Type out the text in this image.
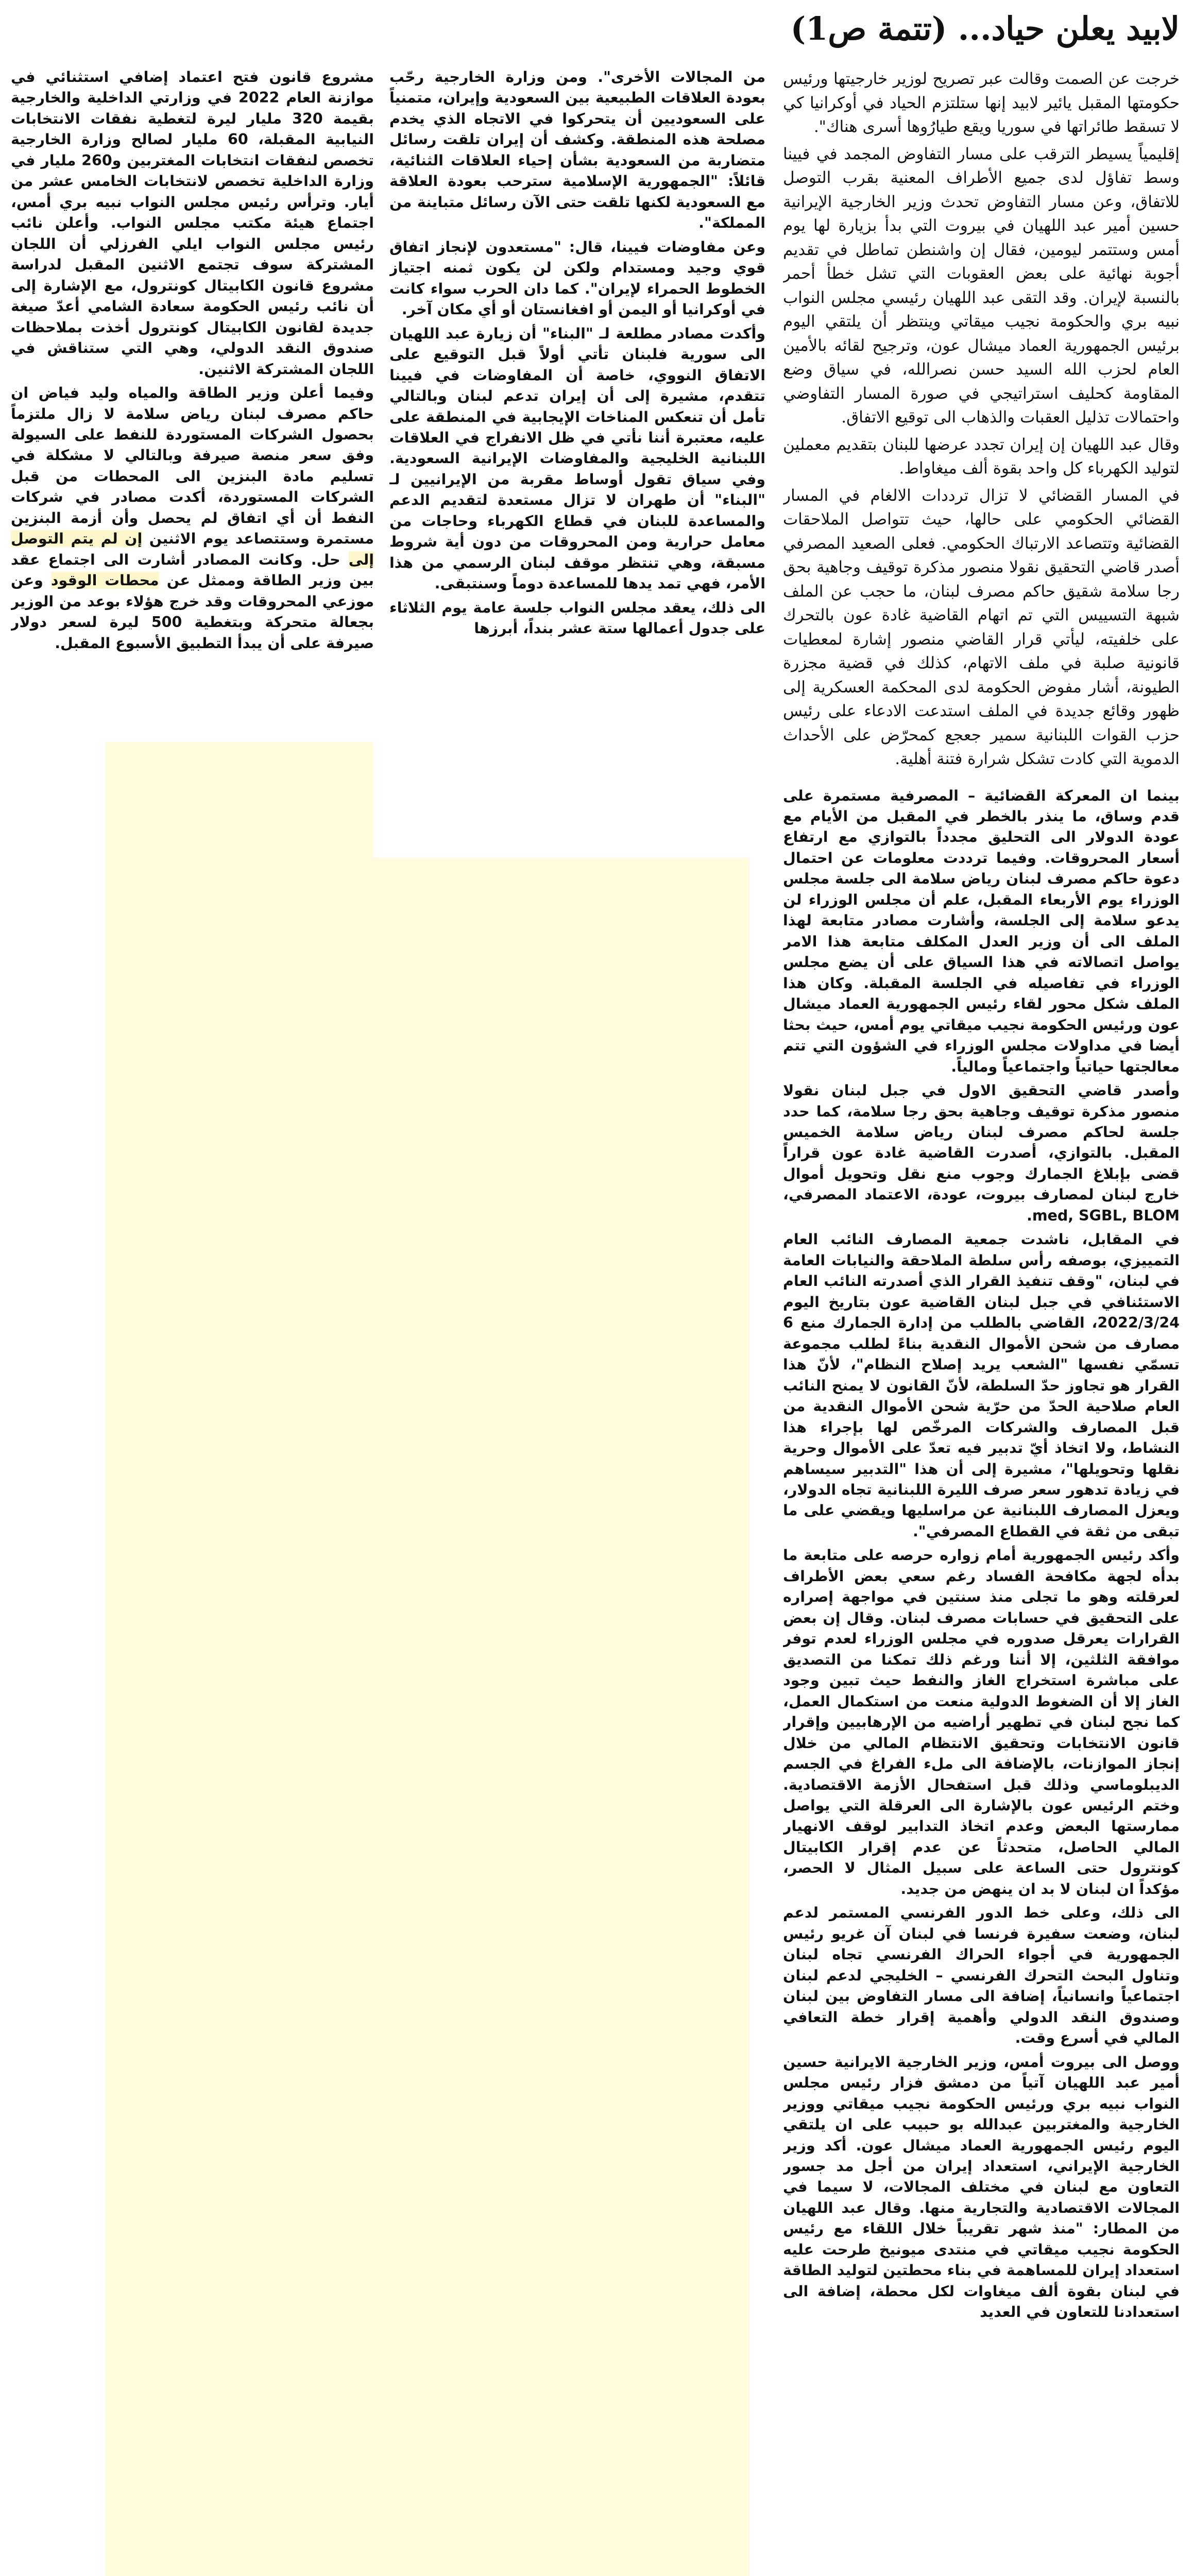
لابيد يعلن حياد... (تتمة ص1)

خرجت عن الصمت وقالت عبر تصريح لوزير خارجيتها ورئيس حكومتها المقبل يائير لابيد إنها ستلتزم الحياد في أوكرانيا كي لا تسقط طائراتها في سوريا ويقع طيارُوها أسرى هناك".

إقليمياً يسيطر الترقب على مسار التفاوض المجمد في فيينا وسط تفاؤل لدى جميع الأطراف المعنية بقرب التوصل للاتفاق، وعن مسار التفاوض تحدث وزير الخارجية الإيرانية حسين أمير عبد اللهيان في بيروت التي بدأ بزيارة لها يوم أمس وستتمر ليومين، فقال إن واشنطن تماطل في تقديم أجوبة نهائية على بعض العقوبات التي تشل خطأ أحمر بالنسبة لإيران. وقد التقى عبد اللهيان رئيسي مجلس النواب نبيه بري والحكومة نجيب ميقاتي وينتظر أن يلتقي اليوم برئيس الجمهورية العماد ميشال عون، وترجيح لقائه بالأمين العام لحزب الله السيد حسن نصرالله، في سياق وضع المقاومة كحليف استراتيجي في صورة المسار التفاوضي واحتمالات تذليل العقبات والذهاب الى توقيع الاتفاق.

وقال عبد اللهيان إن إيران تجدد عرضها للبنان بتقديم معملين لتوليد الكهرباء كل واحد بقوة ألف ميغاواط.

في المسار القضائي لا تزال ترددات الالغام في المسار القضائي الحكومي على حالها، حيث تتواصل الملاحقات القضائية وتتصاعد الارتباك الحكومي. فعلى الصعيد المصرفي أصدر قاضي التحقيق نقولا منصور مذكرة توقيف وجاهية بحق رجا سلامة شقيق حاكم مصرف لبنان، ما حجب عن الملف شبهة التسييس التي تم اتهام القاضية غادة عون بالتحرك على خلفيته، ليأتي قرار القاضي منصور إشارة لمعطيات قانونية صلبة في ملف الاتهام، كذلك في قضية مجزرة الطيونة، أشار مفوض الحكومة لدى المحكمة العسكرية إلى ظهور وقائع جديدة في الملف استدعت الادعاء على رئيس حزب القوات اللبنانية سمير جعجع كمحرّض على الأحداث الدموية التي كادت تشكل شرارة فتنة أهلية.

بينما ان المعركة القضائية – المصرفية مستمرة على قدم وساق، ما ينذر بالخطر في المقبل من الأيام مع عودة الدولار الى التحليق مجدداً بالتوازي مع ارتفاع أسعار المحروقات. وفيما ترددت معلومات عن احتمال دعوة حاكم مصرف لبنان رياض سلامة الى جلسة مجلس الوزراء يوم الأربعاء المقبل، علم أن مجلس الوزراء لن يدعو سلامة إلى الجلسة، وأشارت مصادر متابعة لهذا الملف الى أن وزير العدل المكلف متابعة هذا الامر يواصل اتصالاته في هذا السياق على أن يضع مجلس الوزراء في تفاصيله في الجلسة المقبلة. وكان هذا الملف شكل محور لقاء رئيس الجمهورية العماد ميشال عون ورئيس الحكومة نجيب ميقاتي يوم أمس، حيث بحثا أيضا في مداولات مجلس الوزراء في الشؤون التي تتم معالجتها حياتياً واجتماعياً ومالياً.

وأصدر قاضي التحقيق الاول في جبل لبنان نقولا منصور مذكرة توقيف وجاهية بحق رجا سلامة، كما حدد جلسة لحاكم مصرف لبنان رياض سلامة الخميس المقبل. بالتوازي، أصدرت القاضية غادة عون قراراً قضى بإبلاغ الجمارك وجوب منع نقل وتحويل أموال خارج لبنان لمصارف بيروت، عودة، الاعتماد المصرفي، med, SGBL, BLOM.

في المقابل، ناشدت جمعية المصارف النائب العام التمييزي، بوصفه رأس سلطة الملاحقة والنيابات العامة في لبنان، "وقف تنفيذ القرار الذي أصدرته النائب العام الاستئنافي في جبل لبنان القاضية عون بتاريخ اليوم 2022/3/24، القاضي بالطلب من إدارة الجمارك منع 6 مصارف من شحن الأموال النقدية بناءً لطلب مجموعة تسمّي نفسها "الشعب يريد إصلاح النظام"، لأنّ هذا القرار هو تجاوز حدّ السلطة، لأنّ القانون لا يمنح النائب العام صلاحية الحدّ من حرّية شحن الأموال النقدية من قبل المصارف والشركات المرخّص لها بإجراء هذا النشاط، ولا اتخاذ أيّ تدبير فيه تعدّ على الأموال وحرية نقلها وتحويلها"، مشيرة إلى أن هذا "التدبير سيساهم في زيادة تدهور سعر صرف الليرة اللبنانية تجاه الدولار، ويعزل المصارف اللبنانية عن مراسليها ويقضي على ما تبقى من ثقة في القطاع المصرفي".

وأكد رئيس الجمهورية أمام زواره حرصه على متابعة ما بدأه لجهة مكافحة الفساد رغم سعي بعض الأطراف لعرقلته وهو ما تجلى منذ سنتين في مواجهة إصراره على التحقيق في حسابات مصرف لبنان. وقال إن بعض القرارات يعرقل صدوره في مجلس الوزراء لعدم توفر موافقة الثلثين، إلا أننا ورغم ذلك تمكنا من التصديق على مباشرة استخراج الغاز والنفط حيث تبين وجود الغاز إلا أن الضغوط الدولية منعت من استكمال العمل، كما نجح لبنان في تطهير أراضيه من الإرهابيين وإقرار قانون الانتخابات وتحقيق الانتظام المالي من خلال إنجاز الموازنات، بالإضافة الى ملء الفراغ في الجسم الديبلوماسي وذلك قبل استفحال الأزمة الاقتصادية. وختم الرئيس عون بالإشارة الى العرقلة التي يواصل ممارستها البعض وعدم اتخاذ التدابير لوقف الانهيار المالي الحاصل، متحدثاً عن عدم إقرار الكابيتال كونترول حتى الساعة على سبيل المثال لا الحصر، مؤكداً ان لبنان لا بد ان ينهض من جديد.

الى ذلك، وعلى خط الدور الفرنسي المستمر لدعم لبنان، وضعت سفيرة فرنسا في لبنان آن غريو رئيس الجمهورية في أجواء الحراك الفرنسي تجاه لبنان وتناول البحث التحرك الفرنسي – الخليجي لدعم لبنان اجتماعياً وانسانياً، إضافة الى مسار التفاوض بين لبنان وصندوق النقد الدولي وأهمية إقرار خطة التعافي المالي في أسرع وقت.

ووصل الى بيروت أمس، وزير الخارجية الايرانية حسين أمير عبد اللهيان آتياً من دمشق فزار رئيس مجلس النواب نبيه بري ورئيس الحكومة نجيب ميقاتي ووزير الخارجية والمغتربين عبدالله بو حبيب على ان يلتقي اليوم رئيس الجمهورية العماد ميشال عون. أكد وزير الخارجية الإيراني، استعداد إيران من أجل مد جسور التعاون مع لبنان في مختلف المجالات، لا سيما في المجالات الاقتصادية والتجارية منها. وقال عبد اللهيان من المطار: "منذ شهر تقريباً خلال اللقاء مع رئيس الحكومة نجيب ميقاتي في منتدى ميونيخ طرحت عليه استعداد إيران للمساهمة في بناء محطتين لتوليد الطاقة في لبنان بقوة ألف ميغاوات لكل محطة، إضافة الى استعدادنا للتعاون في العديد

من المجالات الأخرى". ومن وزارة الخارجية رحّب بعودة العلاقات الطبيعية بين السعودية وإيران، متمنياً على السعوديين أن يتحركوا في الاتجاه الذي يخدم مصلحة هذه المنطقة. وكشف أن إيران تلقت رسائل متضاربة من السعودية بشأن إحياء العلاقات الثنائية، قائلاً: "الجمهورية الإسلامية سترحب بعودة العلاقة مع السعودية لكنها تلقت حتى الآن رسائل متباينة من المملكة".

وعن مفاوضات فيينا، قال: "مستعدون لإنجاز اتفاق قوي وجيد ومستدام ولكن لن يكون ثمنه اجتياز الخطوط الحمراء لإيران". كما دان الحرب سواء كانت في أوكرانيا أو اليمن أو افغانستان أو أي مكان آخر.

وأكدت مصادر مطلعة لـ "البناء" أن زيارة عبد اللهيان الى سورية فلبنان تأتي أولاً قبل التوقيع على الاتفاق النووي، خاصة أن المفاوضات في فيينا تتقدم، مشيرة إلى أن إيران تدعم لبنان وبالتالي تأمل أن تنعكس المناخات الإيجابية في المنطقة على عليه، معتبرة أننا نأتي في ظل الانفراج في العلاقات اللبنانية الخليجية والمفاوضات الإيرانية السعودية. وفي سياق تقول أوساط مقربة من الإيرانيين لـ "البناء" أن طهران لا تزال مستعدة لتقديم الدعم والمساعدة للبنان في قطاع الكهرباء وحاجات من معامل حرارية ومن المحروقات من دون أية شروط مسبقة، وهي تنتظر موقف لبنان الرسمي من هذا الأمر، فهي تمد يدها للمساعدة دوماً وسنتبقى.

الى ذلك، يعقد مجلس النواب جلسة عامة يوم الثلاثاء على جدول أعمالها ستة عشر بنداً، أبرزها

مشروع قانون فتح اعتماد إضافي استثنائي في موازنة العام 2022 في وزارتي الداخلية والخارجية بقيمة 320 مليار ليرة لتغطية نفقات الانتخابات النيابية المقبلة، 60 مليار لصالح وزارة الخارجية تخصص لنفقات انتخابات المغتربين و260 مليار في وزارة الداخلية تخصص لانتخابات الخامس عشر من أيار. وترأس رئيس مجلس النواب نبيه بري أمس، اجتماع هيئة مكتب مجلس النواب. وأعلن نائب رئيس مجلس النواب ايلي الفرزلي أن اللجان المشتركة سوف تجتمع الاثنين المقبل لدراسة مشروع قانون الكابيتال كونترول، مع الإشارة إلى أن نائب رئيس الحكومة سعادة الشامي أعدّ صيغة جديدة لقانون الكابيتال كونترول أخذت بملاحظات صندوق النقد الدولي، وهي التي ستناقش في اللجان المشتركة الاثنين.

وفيما أعلن وزير الطاقة والمياه وليد فياض ان حاكم مصرف لبنان رياض سلامة لا زال ملتزماً بحصول الشركات المستوردة للنفط على السيولة وفق سعر منصة صيرفة وبالتالي لا مشكلة في تسليم مادة البنزين الى المحطات من قبل الشركات المستوردة، أكدت مصادر في شركات النفط أن أي اتفاق لم يحصل وأن أزمة البنزين مستمرة وستتصاعد يوم الاثنين إن لم يتم التوصل إلى حل. وكانت المصادر أشارت الى اجتماع عقد بين وزير الطاقة وممثل عن محطات الوقود وعن موزعي المحروقات وقد خرج هؤلاء بوعد من الوزير بجعالة متحركة وبتغطية 500 ليرة لسعر دولار صيرفة على أن يبدأ التطبيق الأسبوع المقبل.
